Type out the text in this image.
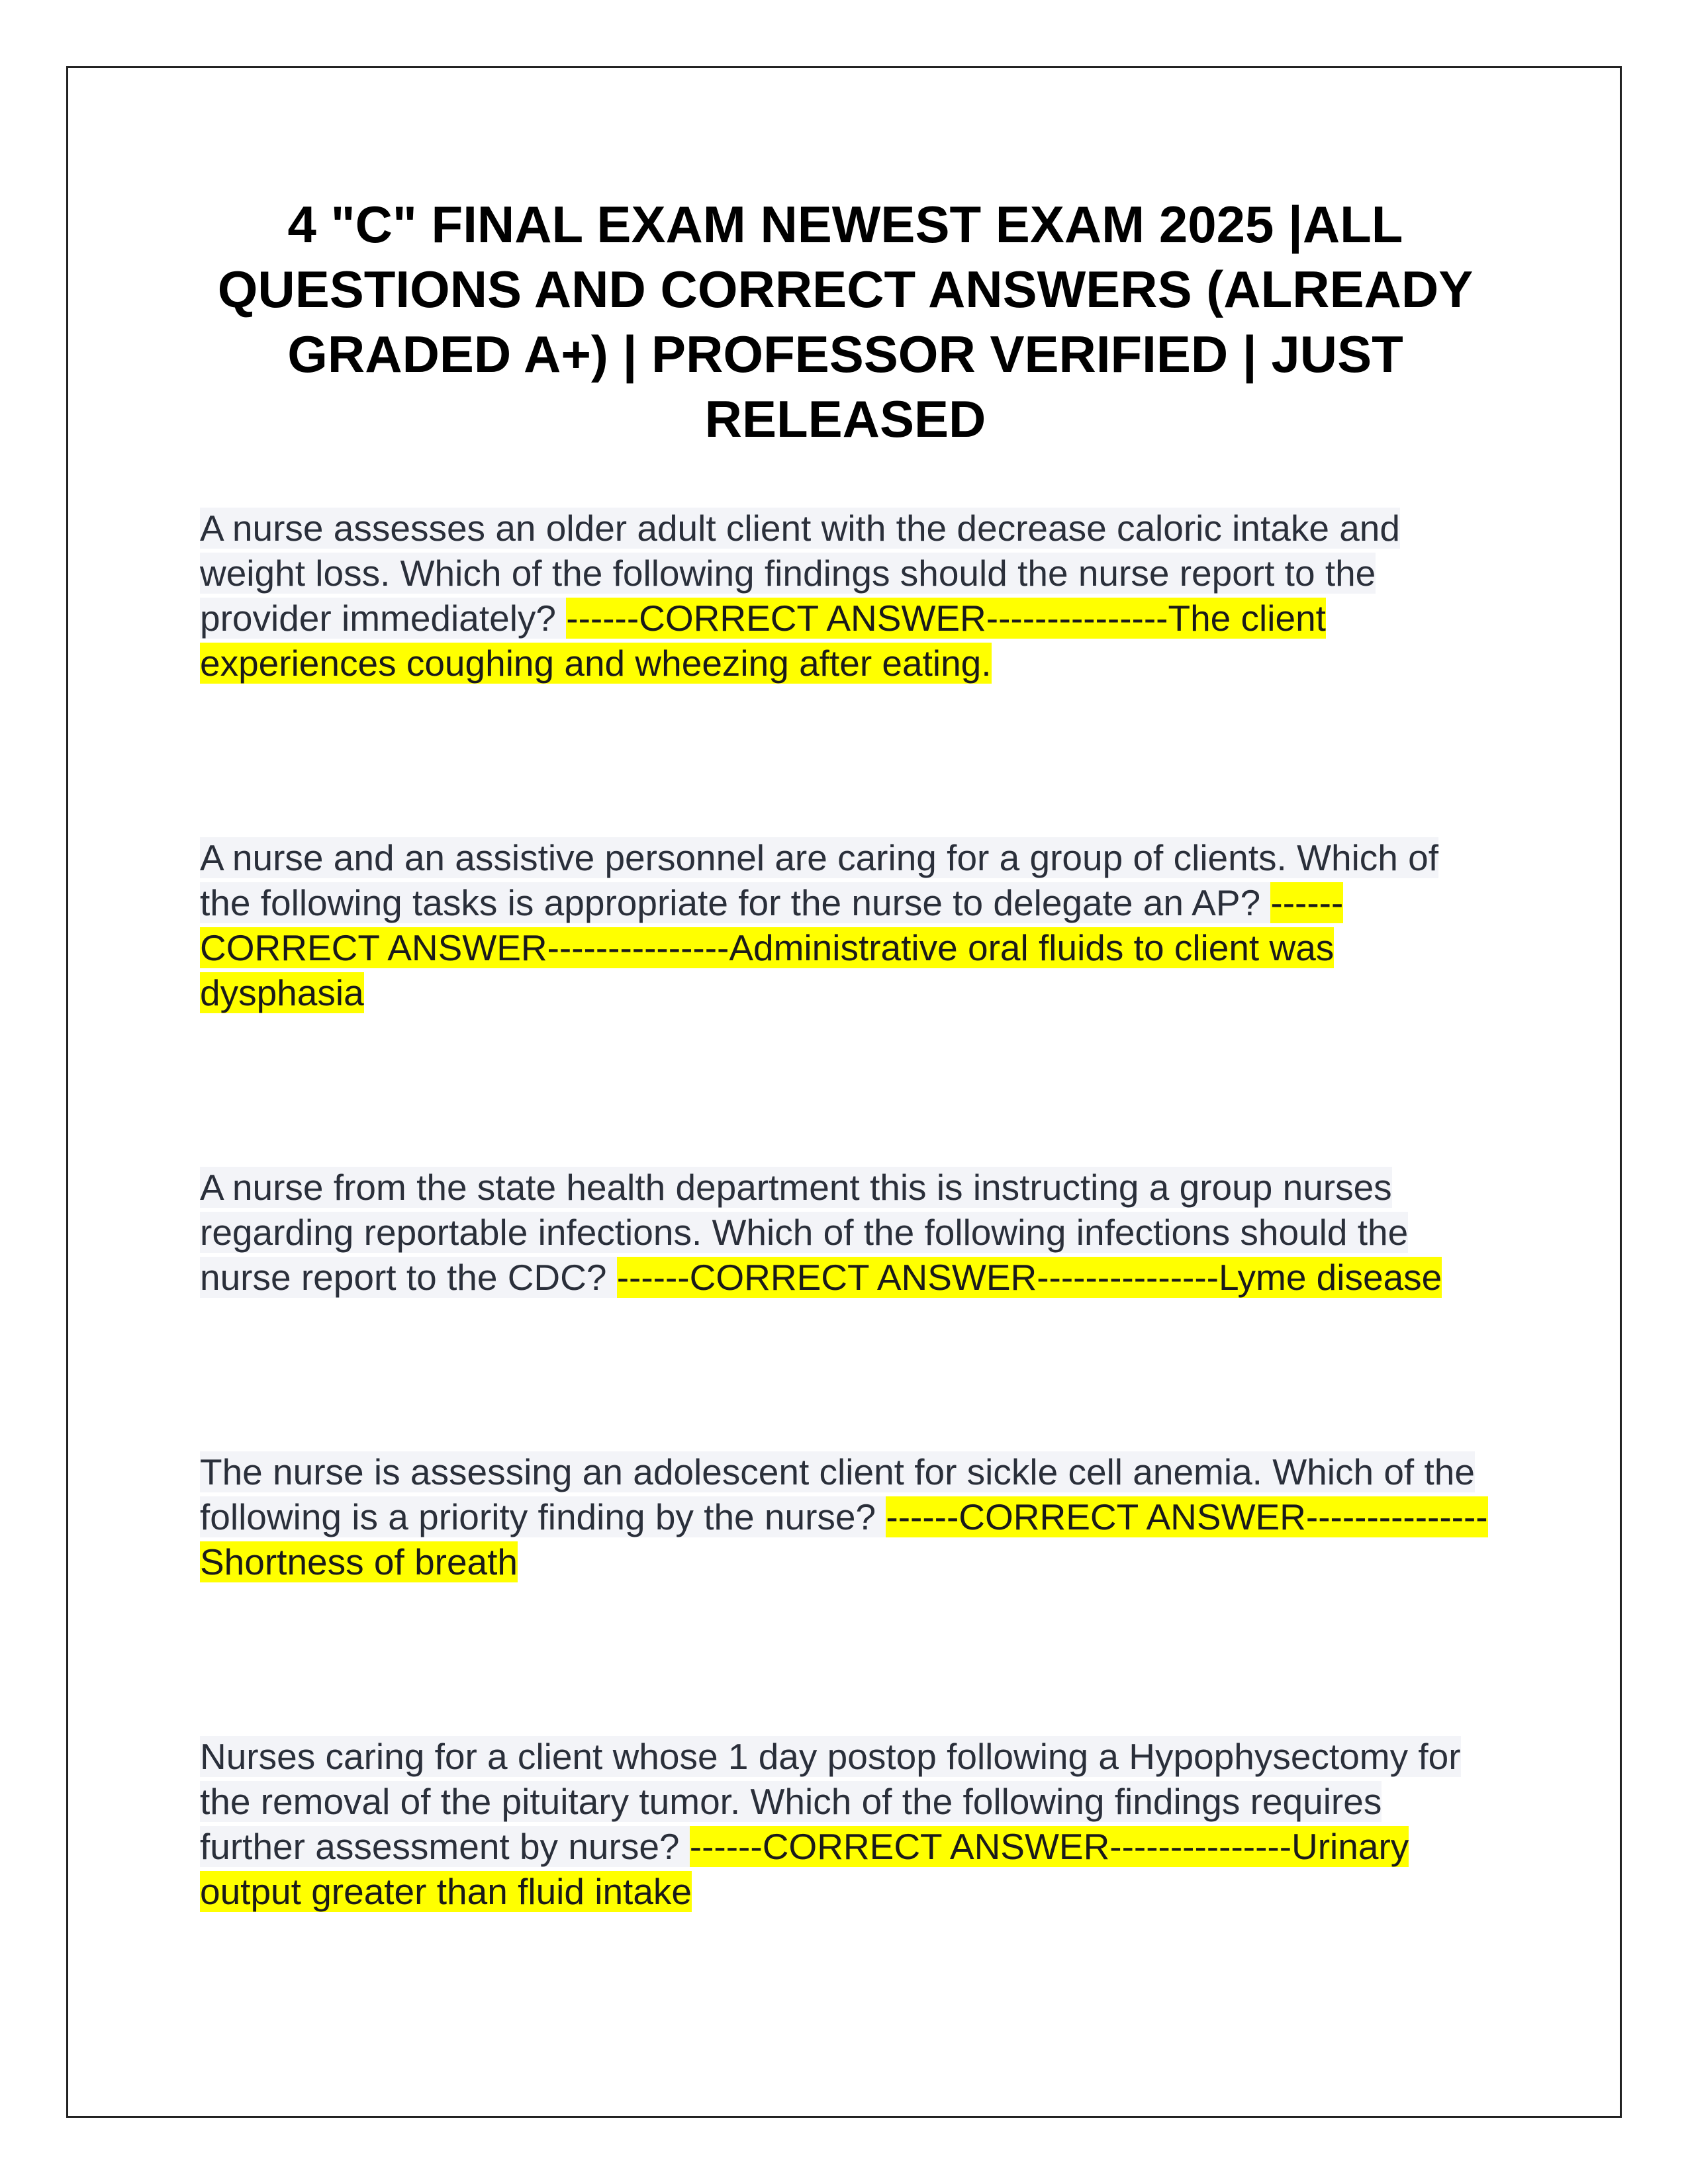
4 "C" FINAL EXAM NEWEST EXAM 2025 |ALL QUESTIONS AND CORRECT ANSWERS (ALREADY GRADED A+) | PROFESSOR VERIFIED | JUST RELEASED

A nurse assesses an older adult client with the decrease caloric intake and weight loss. Which of the following findings should the nurse report to the provider immediately? ------CORRECT ANSWER---------------The client experiences coughing and wheezing after eating.

A nurse and an assistive personnel are caring for a group of clients. Which of the following tasks is appropriate for the nurse to delegate an AP? ------CORRECT ANSWER---------------Administrative oral fluids to client was dysphasia

A nurse from the state health department this is instructing a group nurses regarding reportable infections. Which of the following infections should the nurse report to the CDC? ------CORRECT ANSWER---------------Lyme disease

The nurse is assessing an adolescent client for sickle cell anemia. Which of the following is a priority finding by the nurse? ------CORRECT ANSWER---------------Shortness of breath

Nurses caring for a client whose 1 day postop following a Hypophysectomy for the removal of the pituitary tumor. Which of the following findings requires further assessment by nurse? ------CORRECT ANSWER---------------Urinary output greater than fluid intake
